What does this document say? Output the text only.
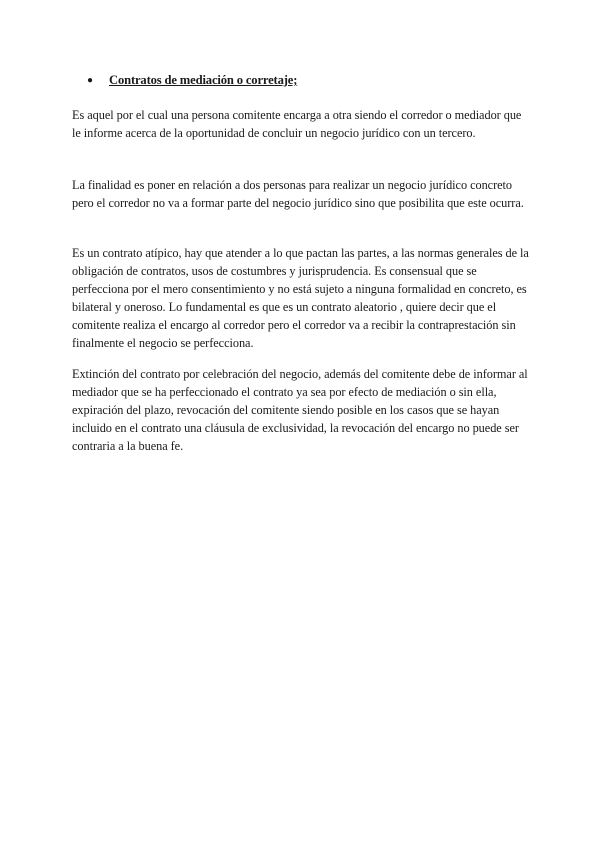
● Contratos de mediación o corretaje;

Es aquel por el cual una persona comitente encarga a otra siendo el corredor o mediador que le informe acerca de la oportunidad de concluir un negocio jurídico con un tercero.

La finalidad es poner en relación a dos personas para realizar un negocio jurídico concreto pero el corredor no va a formar parte del negocio jurídico sino que posibilita que este ocurra.

Es un contrato atípico, hay que atender a lo que pactan las partes, a las normas generales de la obligación de contratos, usos de costumbres y jurisprudencia. Es consensual que se perfecciona por el mero consentimiento y no está sujeto a ninguna formalidad en concreto, es bilateral y oneroso. Lo fundamental es que es un contrato aleatorio , quiere decir que el comitente realiza el encargo al corredor pero el corredor va a recibir la contraprestación sin finalmente el negocio se perfecciona.

Extinción del contrato por celebración del negocio, además del comitente debe de informar al mediador que se ha perfeccionado el contrato ya sea por efecto de mediación o sin ella, expiración del plazo, revocación del comitente siendo posible en los casos que se hayan incluido en el contrato una cláusula de exclusividad, la revocación del encargo no puede ser contraria a la buena fe.
